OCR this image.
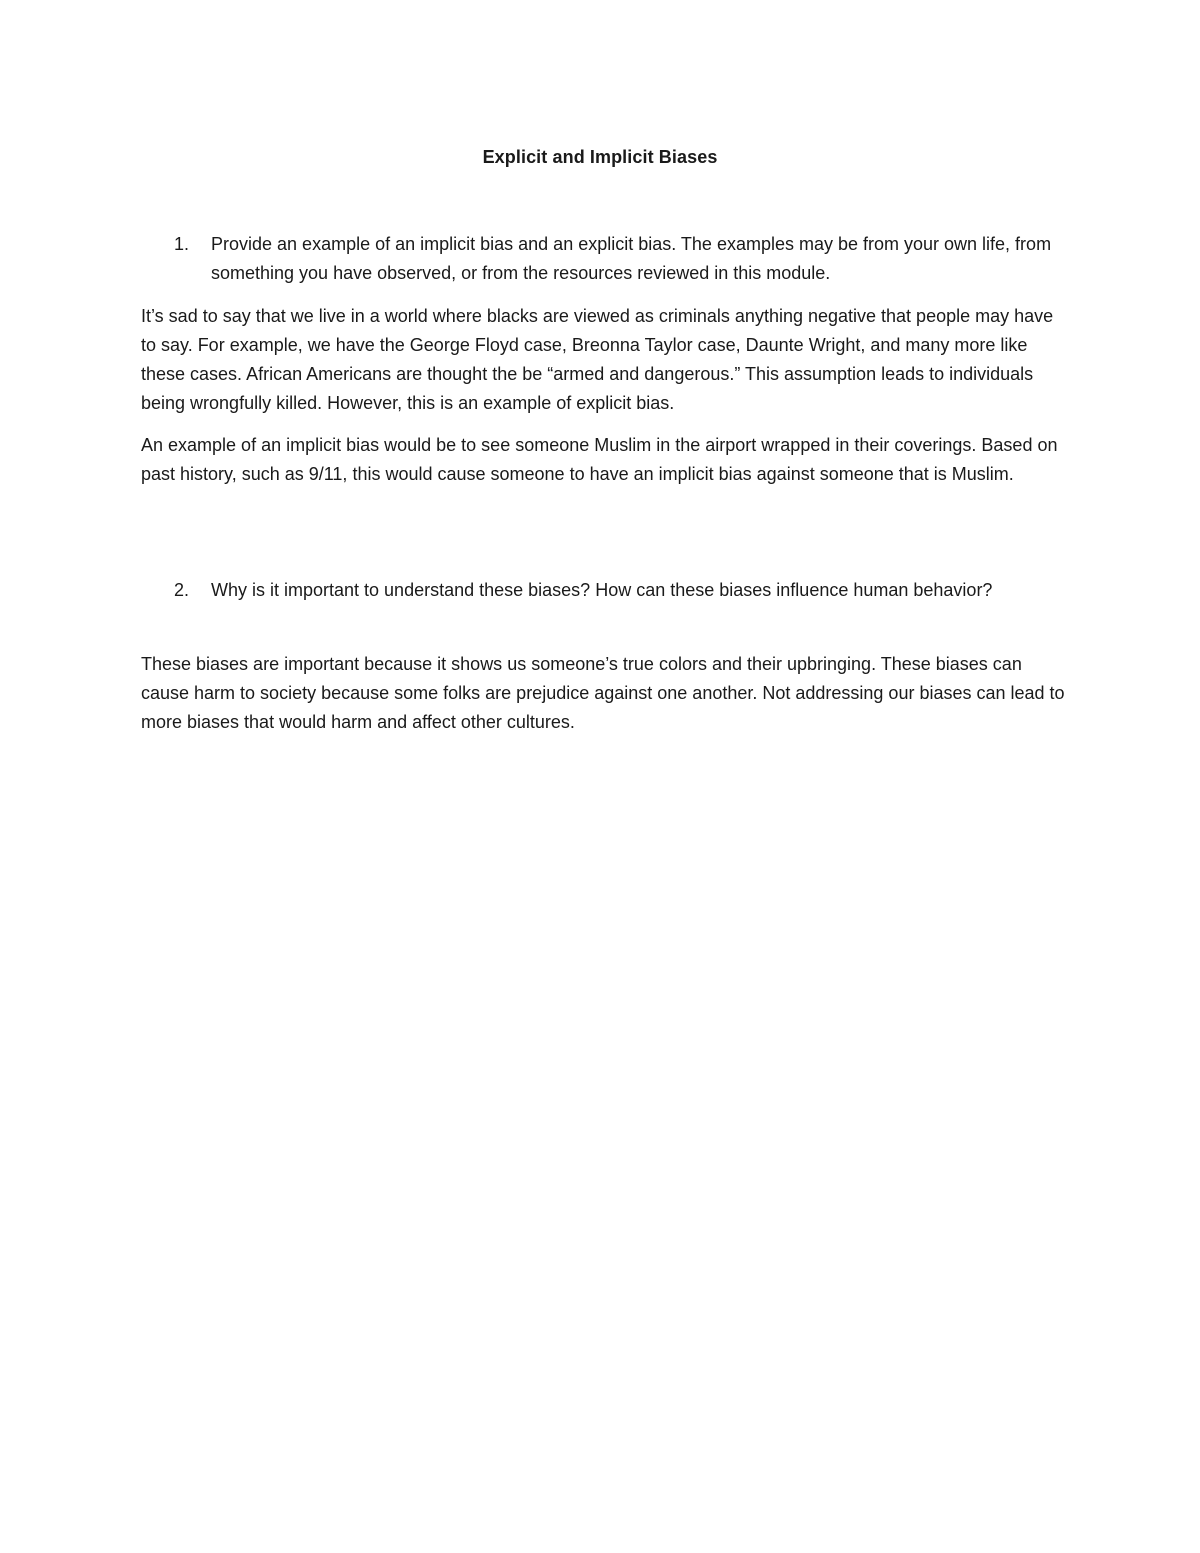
Explicit and Implicit Biases
1. Provide an example of an implicit bias and an explicit bias. The examples may be from your own life, from something you have observed, or from the resources reviewed in this module.

It’s sad to say that we live in a world where blacks are viewed as criminals anything negative that people may have to say. For example, we have the George Floyd case, Breonna Taylor case, Daunte Wright, and many more like these cases. African Americans are thought the be “armed and dangerous.” This assumption leads to individuals being wrongfully killed. However, this is an example of explicit bias.

An example of an implicit bias would be to see someone Muslim in the airport wrapped in their coverings. Based on past history, such as 9/11, this would cause someone to have an implicit bias against someone that is Muslim.

2. Why is it important to understand these biases? How can these biases influence human behavior?

These biases are important because it shows us someone’s true colors and their upbringing. These biases can cause harm to society because some folks are prejudice against one another. Not addressing our biases can lead to more biases that would harm and affect other cultures.
